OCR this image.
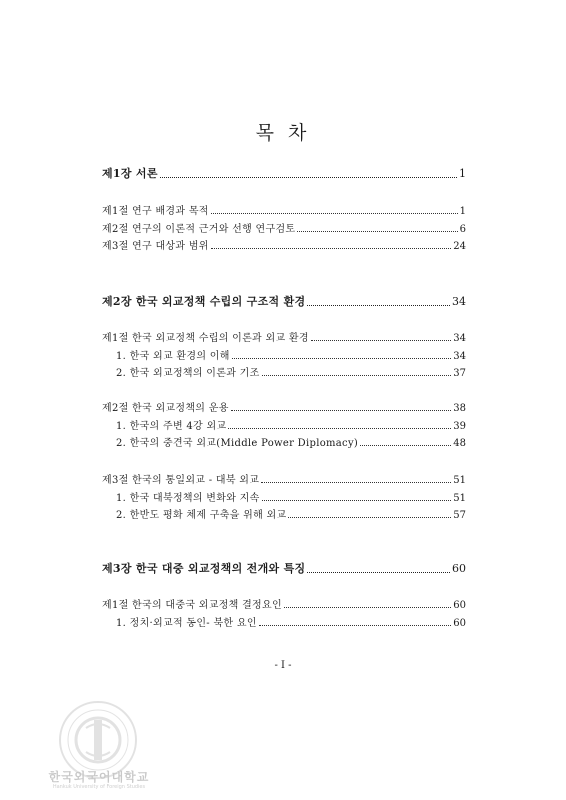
목 차
제1장 서론	1
제1절 연구 배경과 목적	1
제2절 연구의 이론적 근거와 선행 연구검토	6
제3절 연구 대상과 범위	24
제2장 한국 외교정책 수립의 구조적 환경	34
제1절 한국 외교정책 수립의 이론과 외교 환경	34
1. 한국 외교 환경의 이해	34
2. 한국 외교정책의 이론과 기조	37
제2절 한국 외교정책의 운용	38
1. 한국의 주변 4강 외교	39
2. 한국의 중견국 외교(Middle Power Diplomacy)	48
제3절 한국의 통일외교 - 대북 외교	51
1. 한국 대북정책의 변화와 지속	51
2. 한반도 평화 체제 구축을 위해 외교	57
제3장 한국 대중 외교정책의 전개와 특징	60
제1절 한국의 대중국 외교정책 결정요인	60
1. 정치·외교적 동인- 북한 요인	60
- I -
한국외국어대학교
Hankuk University of Foreign Studies
